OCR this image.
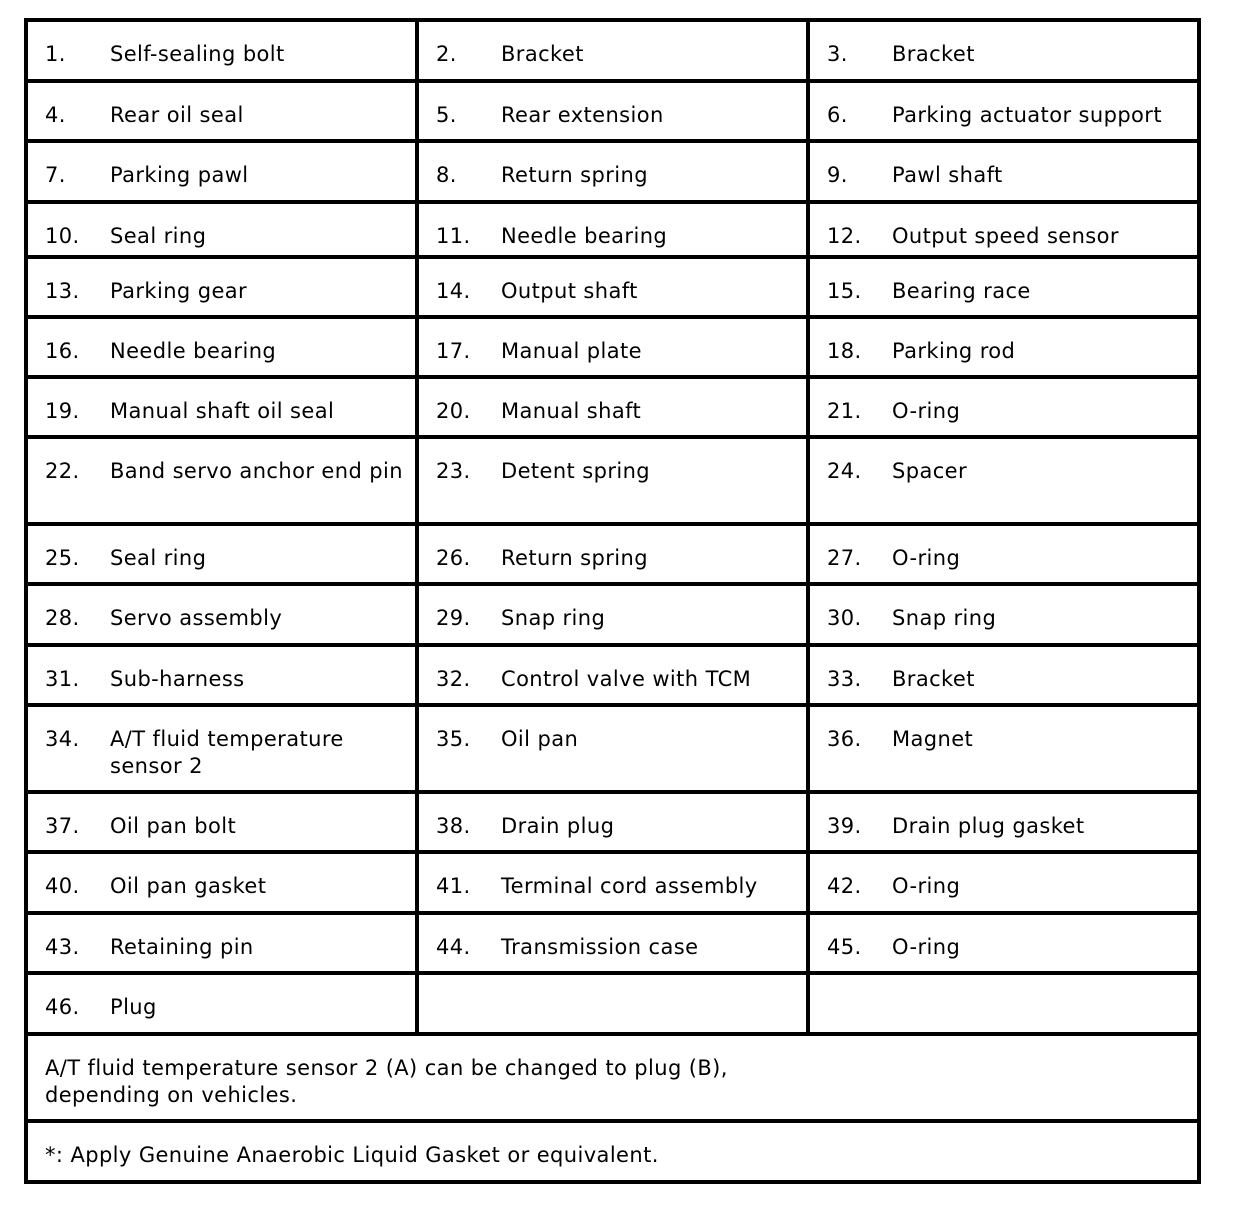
1. Self-sealing bolt	2. Bracket	3. Bracket

4. Rear oil seal	5. Rear extension	6. Parking actuator support

7. Parking pawl	8. Return spring	9. Pawl shaft

10. Seal ring	11. Needle bearing	12. Output speed sensor

13. Parking gear	14. Output shaft	15. Bearing race

16. Needle bearing	17. Manual plate	18. Parking rod

19. Manual shaft oil seal	20. Manual shaft	21. O-ring

22. Band servo anchor end pin	23. Detent spring	24. Spacer

25. Seal ring	26. Return spring	27. O-ring

28. Servo assembly	29. Snap ring	30. Snap ring

31. Sub-harness	32. Control valve with TCM	33. Bracket

34. A/T fluid temperature sensor 2	35. Oil pan	36. Magnet

37. Oil pan bolt	38. Drain plug	39. Drain plug gasket

40. Oil pan gasket	41. Terminal cord assembly	42. O-ring

43. Retaining pin	44. Transmission case	45. O-ring

46. Plug		

A/T fluid temperature sensor 2 (A) can be changed to plug (B), depending on vehicles.		

*: Apply Genuine Anaerobic Liquid Gasket or equivalent.		
